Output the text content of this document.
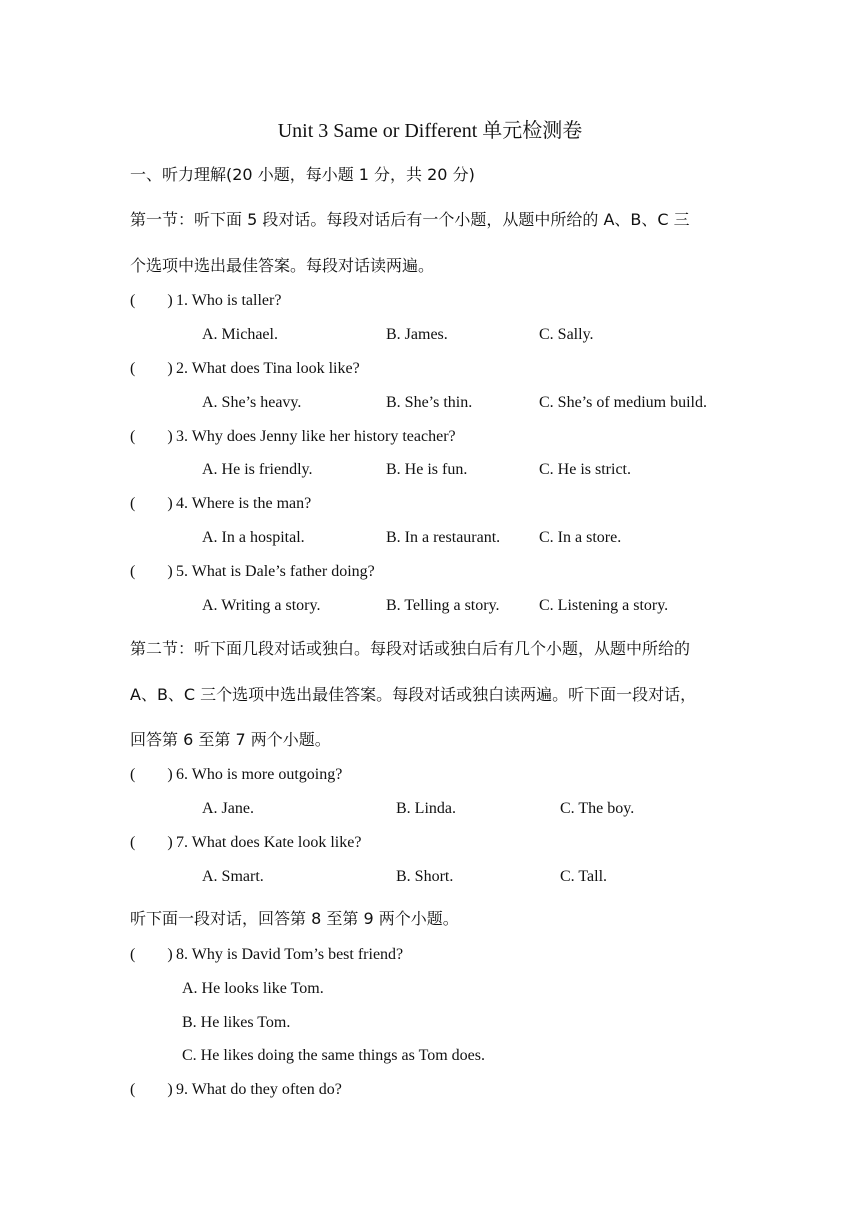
Unit 3 Same or Different 单元检测卷
一、听力理解(20 小题，每小题 1 分，共 20 分)
第一节：听下面 5 段对话。每段对话后有一个小题，从题中所给的 A、B、C 三
个选项中选出最佳答案。每段对话读两遍。
( ) 1. Who is taller?
A. Michael.	B. James.	C. Sally.
( ) 2. What does Tina look like?
A. She’s heavy.	B. She’s thin.	C. She’s of medium build.
( ) 3. Why does Jenny like her history teacher?
A. He is friendly.	B. He is fun.	C. He is strict.
( ) 4. Where is the man?
A. In a hospital.	B. In a restaurant. C. In a store.
( ) 5. What is Dale’s father doing?
A. Writing a story.	B. Telling a story. C. Listening a story.
第二节：听下面几段对话或独白。每段对话或独白后有几个小题，从题中所给的
A、B、C 三个选项中选出最佳答案。每段对话或独白读两遍。听下面一段对话，
回答第 6 至第 7 两个小题。
( ) 6. Who is more outgoing?
A. Jane.	B. Linda.	C. The boy.
( ) 7. What does Kate look like?
A. Smart.	B. Short.	C. Tall.
听下面一段对话，回答第 8 至第 9 两个小题。
( ) 8. Why is David Tom’s best friend?
A. He looks like Tom.
B. He likes Tom.
C. He likes doing the same things as Tom does.
( ) 9. What do they often do?
